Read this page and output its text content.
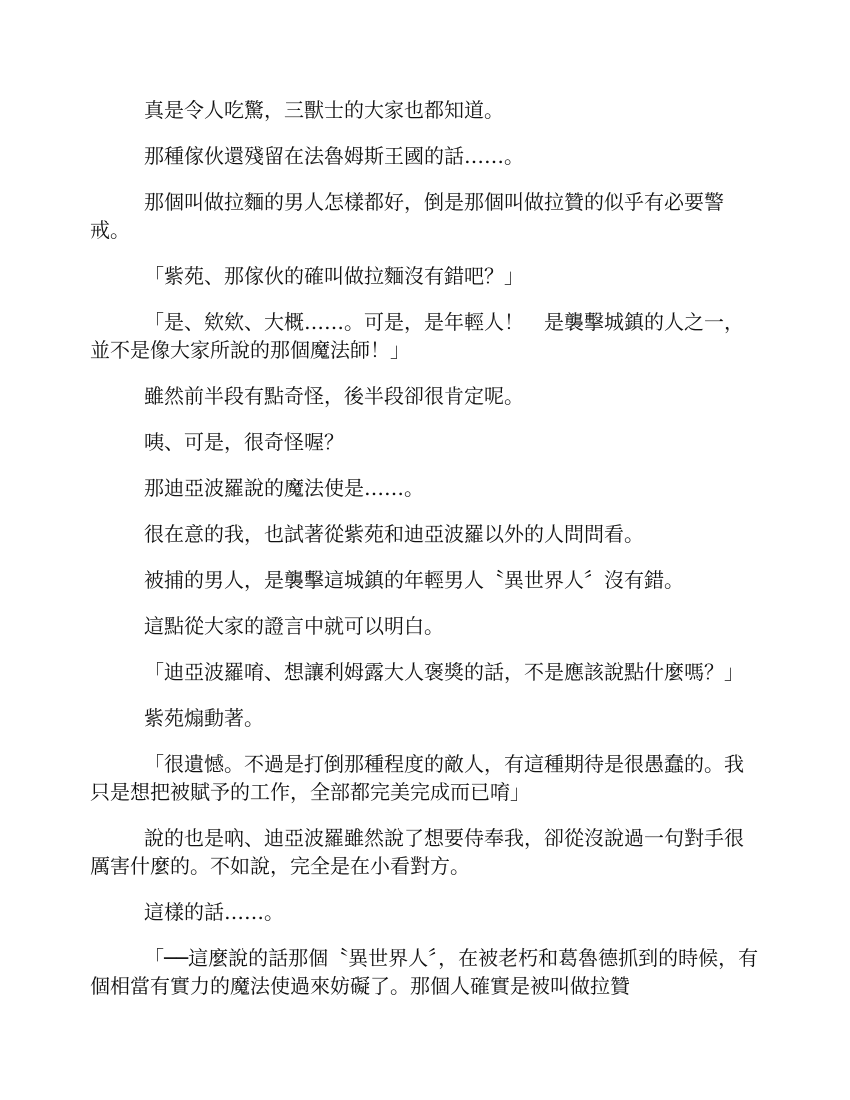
真是令人吃驚，三獸士的大家也都知道。

那種傢伙還殘留在法魯姆斯王國的話……。

那個叫做拉麵的男人怎樣都好，倒是那個叫做拉贊的似乎有必要警戒。

「紫苑、那傢伙的確叫做拉麵沒有錯吧？」

「是、欸欸、大概……。可是，是年輕人！　是襲擊城鎮的人之一，並不是像大家所說的那個魔法師！」

雖然前半段有點奇怪，後半段卻很肯定呢。

咦、可是，很奇怪喔？

那迪亞波羅說的魔法使是……。

很在意的我，也試著從紫苑和迪亞波羅以外的人問問看。

被捕的男人，是襲擊這城鎮的年輕男人〝異世界人〞沒有錯。

這點從大家的證言中就可以明白。

「迪亞波羅唷、想讓利姆露大人褒獎的話，不是應該說點什麼嗎？」

紫苑煽動著。

「很遺憾。不過是打倒那種程度的敵人，有這種期待是很愚蠢的。我只是想把被賦予的工作，全部都完美完成而已唷」

說的也是吶、迪亞波羅雖然說了想要侍奉我，卻從沒說過一句對手很厲害什麼的。不如說，完全是在小看對方。

這樣的話……。

「──這麼說的話那個〝異世界人〞，在被老朽和葛魯德抓到的時候，有個相當有實力的魔法使過來妨礙了。那個人確實是被叫做拉贊
